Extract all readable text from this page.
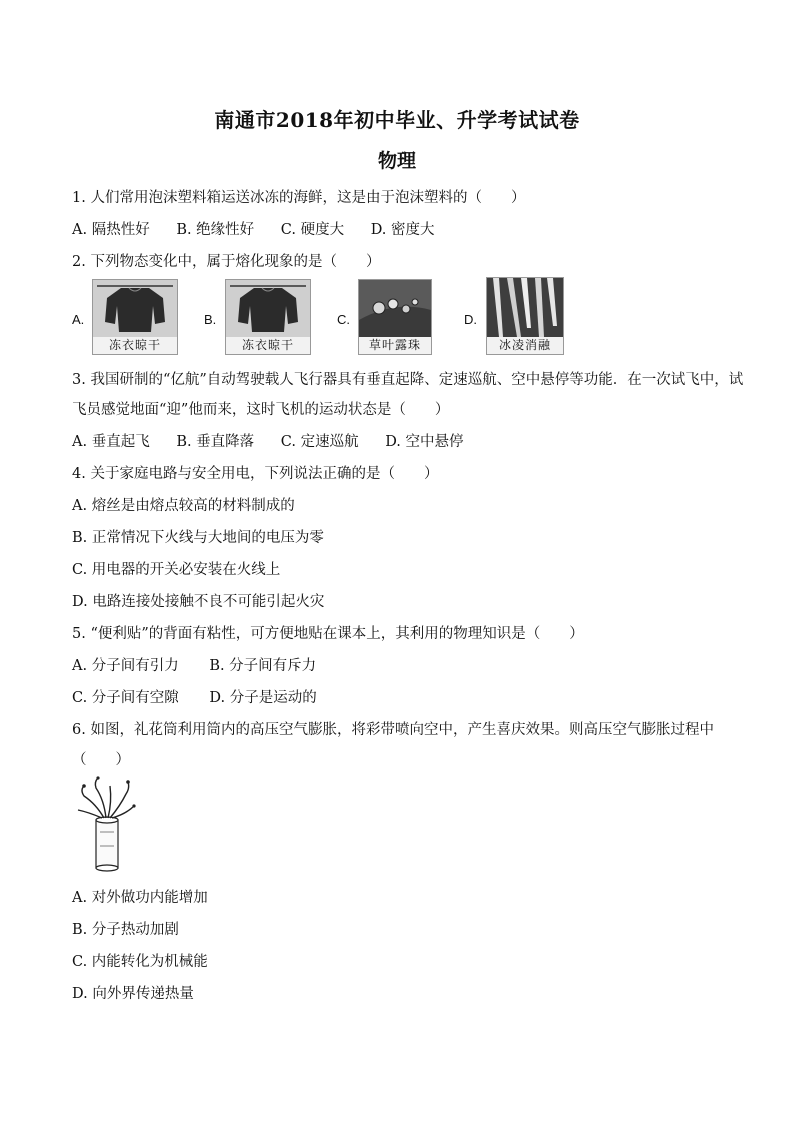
南通市2018年初中毕业、升学考试试卷
物理
1. 人们常用泡沫塑料箱运送冰冻的海鲜，这是由于泡沫塑料的（　　）
A. 隔热性好 B. 绝缘性好 C. 硬度大 D. 密度大
2. 下列物态变化中，属于熔化现象的是（　　）
A.
冻衣晾干
B.
冻衣晾干
C.
草叶露珠
D.
冰凌消融
3. 我国研制的“亿航”自动驾驶载人飞行器具有垂直起降、定速巡航、空中悬停等功能．在一次试飞中，试
飞员感觉地面“迎”他而来，这时飞机的运动状态是（　　）
A. 垂直起飞 B. 垂直降落 C. 定速巡航 D. 空中悬停
4. 关于家庭电路与安全用电，下列说法正确的是（　　）
A. 熔丝是由熔点较高的材料制成的
B. 正常情况下火线与大地间的电压为零
C. 用电器的开关必安装在火线上
D. 电路连接处接触不良不可能引起火灾
5. “便利贴”的背面有粘性，可方便地贴在课本上，其利用的物理知识是（　　）
A. 分子间有引力 B. 分子间有斥力
C. 分子间有空隙 D. 分子是运动的
6. 如图，礼花筒利用筒内的高压空气膨胀，将彩带喷向空中，产生喜庆效果。则高压空气膨胀过程中
（　　）
A. 对外做功内能增加
B. 分子热动加剧
C. 内能转化为机械能
D. 向外界传递热量
